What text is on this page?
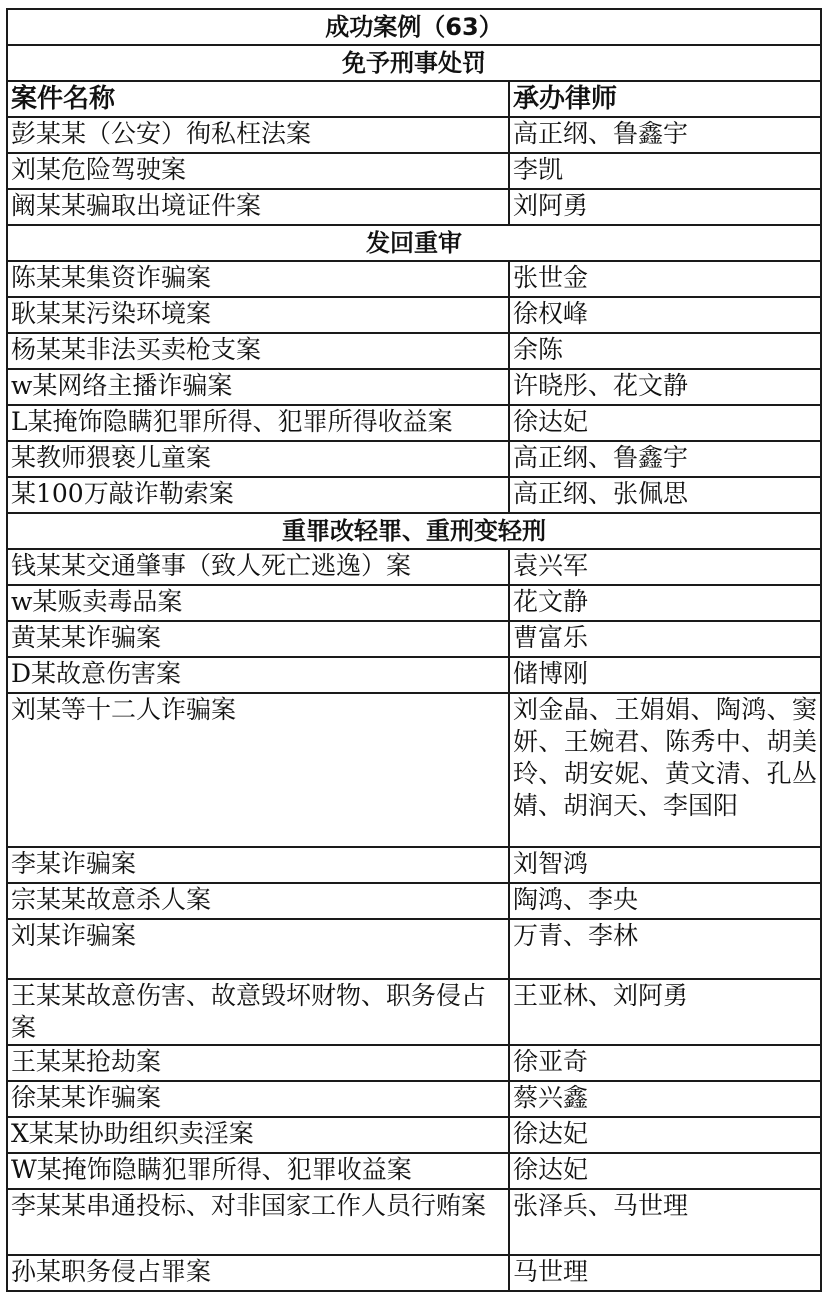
成功案例（63）	
免予刑事处罚	
案件名称	承办律师
彭某某（公安）徇私枉法案	高正纲、鲁鑫宇
刘某危险驾驶案	李凯
阚某某骗取出境证件案	刘阿勇
发回重审	
陈某某集资诈骗案	张世金
耿某某污染环境案	徐权峰
杨某某非法买卖枪支案	余陈
w某网络主播诈骗案	许晓彤、花文静
L某掩饰隐瞒犯罪所得、犯罪所得收益案	徐达妃
某教师猥亵儿童案	高正纲、鲁鑫宇
某100万敲诈勒索案	高正纲、张佩思
重罪改轻罪、重刑变轻刑	
钱某某交通肇事（致人死亡逃逸）案	袁兴军
w某贩卖毒品案	花文静
黄某某诈骗案	曹富乐
D某故意伤害案	储博刚
刘某等十二人诈骗案	刘金晶、王娟娟、陶鸿、窦妍、王婉君、陈秀中、胡美玲、胡安妮、黄文清、孔丛婧、胡润天、李国阳
李某诈骗案	刘智鸿
宗某某故意杀人案	陶鸿、李央
刘某诈骗案	万青、李林
王某某故意伤害、故意毁坏财物、职务侵占案	王亚林、刘阿勇
王某某抢劫案	徐亚奇
徐某某诈骗案	蔡兴鑫
X某某协助组织卖淫案	徐达妃
W某掩饰隐瞒犯罪所得、犯罪收益案	徐达妃
李某某串通投标、对非国家工作人员行贿案	张泽兵、马世理
孙某职务侵占罪案	马世理
